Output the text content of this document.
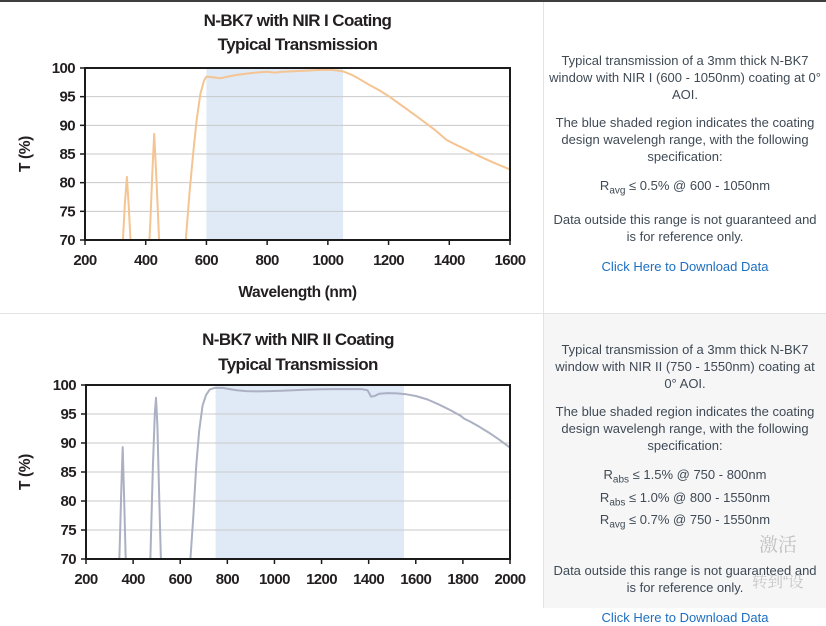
70
75
80
85
90
95
100
200 400 600 800 1000 1200 1400 1600
N-BK7 with NIR I Coating
Typical Transmission
T (%)
Wavelength (nm)
70
75
80
85
90
95
100
200 400 600 800 1000 1200 1400 1600 1800 2000
N-BK7 with NIR II Coating
Typical Transmission
T (%)

Typical transmission of a 3mm thick N-BK7 window with NIR I (600 - 1050nm) coating at 0° AOI.

The blue shaded region indicates the coating design wavelengh range, with the following specification:

$R_{avg} \le 0.5\%$ @ 600 - 1050nm

Data outside this range is not guaranteed and is for reference only.

Click Here to Download Data

Typical transmission of a 3mm thick N-BK7 window with NIR II (750 - 1550nm) coating at 0° AOI.

The blue shaded region indicates the coating design wavelengh range, with the following specification:

$R_{abs} \le 1.5\%$ @ 750 - 800nm
$R_{abs} \le 1.0\%$ @ 800 - 1550nm
$R_{avg} \le 0.7\%$ @ 750 - 1550nm

Data outside this range is not guaranteed and is for reference only.

Click Here to Download Data
激活
转到“设
